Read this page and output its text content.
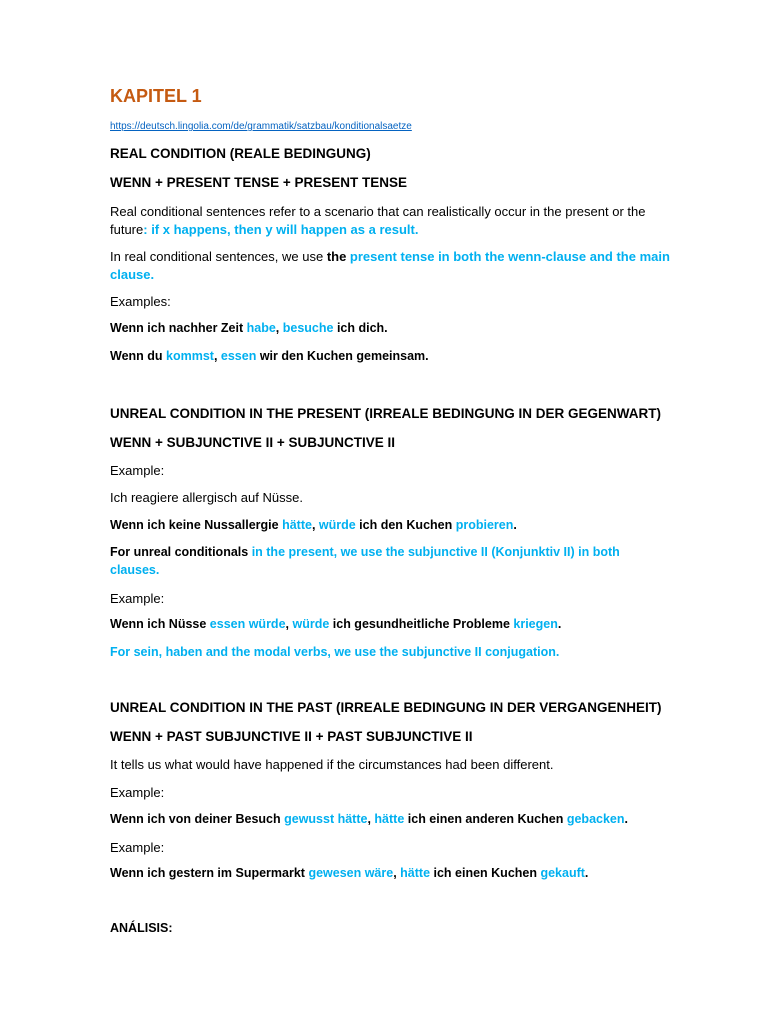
KAPITEL 1
https://deutsch.lingolia.com/de/grammatik/satzbau/konditionalsaetze
REAL CONDITION (REALE BEDINGUNG)
WENN + PRESENT TENSE + PRESENT TENSE
Real conditional sentences refer to a scenario that can realistically occur in the present or the
future: if x happens, then y will happen as a result.
In real conditional sentences, we use the present tense in both the wenn-clause and the main
clause.
Examples:
Wenn ich nachher Zeit habe, besuche ich dich.
Wenn du kommst, essen wir den Kuchen gemeinsam.
UNREAL CONDITION IN THE PRESENT (IRREALE BEDINGUNG IN DER GEGENWART)
WENN + SUBJUNCTIVE II + SUBJUNCTIVE II
Example:
Ich reagiere allergisch auf Nüsse.
Wenn ich keine Nussallergie hätte, würde ich den Kuchen probieren.
For unreal conditionals in the present, we use the subjunctive II (Konjunktiv II) in both
clauses.
Example:
Wenn ich Nüsse essen würde, würde ich gesundheitliche Probleme kriegen.
For sein, haben and the modal verbs, we use the subjunctive II conjugation.
UNREAL CONDITION IN THE PAST (IRREALE BEDINGUNG IN DER VERGANGENHEIT)
WENN + PAST SUBJUNCTIVE II + PAST SUBJUNCTIVE II
It tells us what would have happened if the circumstances had been different.
Example:
Wenn ich von deiner Besuch gewusst hätte, hätte ich einen anderen Kuchen gebacken.
Example:
Wenn ich gestern im Supermarkt gewesen wäre, hätte ich einen Kuchen gekauft.
ANÁLISIS:
